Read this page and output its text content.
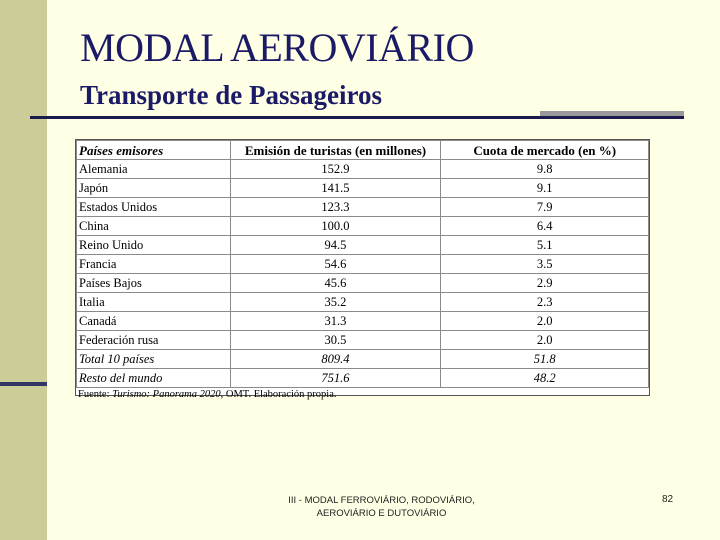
MODAL AEROVIÁRIO
Transporte de Passageiros
Países emisores	Emisión de turistas (en millones)	Cuota de mercado (en %)
Alemania	152.9	9.8
Japón	141.5	9.1
Estados Unidos	123.3	7.9
China	100.0	6.4
Reino Unido	94.5	5.1
Francia	54.6	3.5
Países Bajos	45.6	2.9
Italia	35.2	2.3
Canadá	31.3	2.0
Federación rusa	30.5	2.0
Total 10 países	809.4	51.8
Resto del mundo	751.6	48.2
Fuente: Turismo: Panorama 2020, OMT. Elaboración propia.
III - MODAL FERROVIÁRIO, RODOVIÁRIO,
AEROVIÁRIO E DUTOVIÁRIO
82
